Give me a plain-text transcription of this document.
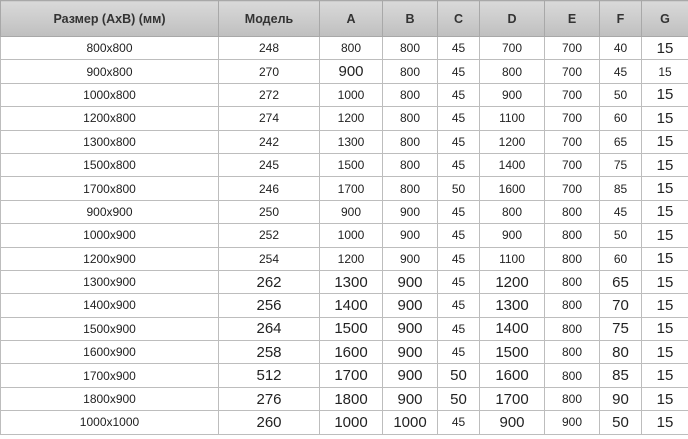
Размер (АxВ) (мм)	Модель	A	B	C	D	E	F	G
800x800	248	800	800	45	700	700	40	15
900x800	270	900	800	45	800	700	45	15
1000x800	272	1000	800	45	900	700	50	15
1200x800	274	1200	800	45	1100	700	60	15
1300x800	242	1300	800	45	1200	700	65	15
1500x800	245	1500	800	45	1400	700	75	15
1700x800	246	1700	800	50	1600	700	85	15
900x900	250	900	900	45	800	800	45	15
1000x900	252	1000	900	45	900	800	50	15
1200x900	254	1200	900	45	1100	800	60	15
1300x900	262	1300	900	45	1200	800	65	15
1400x900	256	1400	900	45	1300	800	70	15
1500x900	264	1500	900	45	1400	800	75	15
1600x900	258	1600	900	45	1500	800	80	15
1700x900	512	1700	900	50	1600	800	85	15
1800x900	276	1800	900	50	1700	800	90	15
1000x1000	260	1000	1000	45	900	900	50	15
